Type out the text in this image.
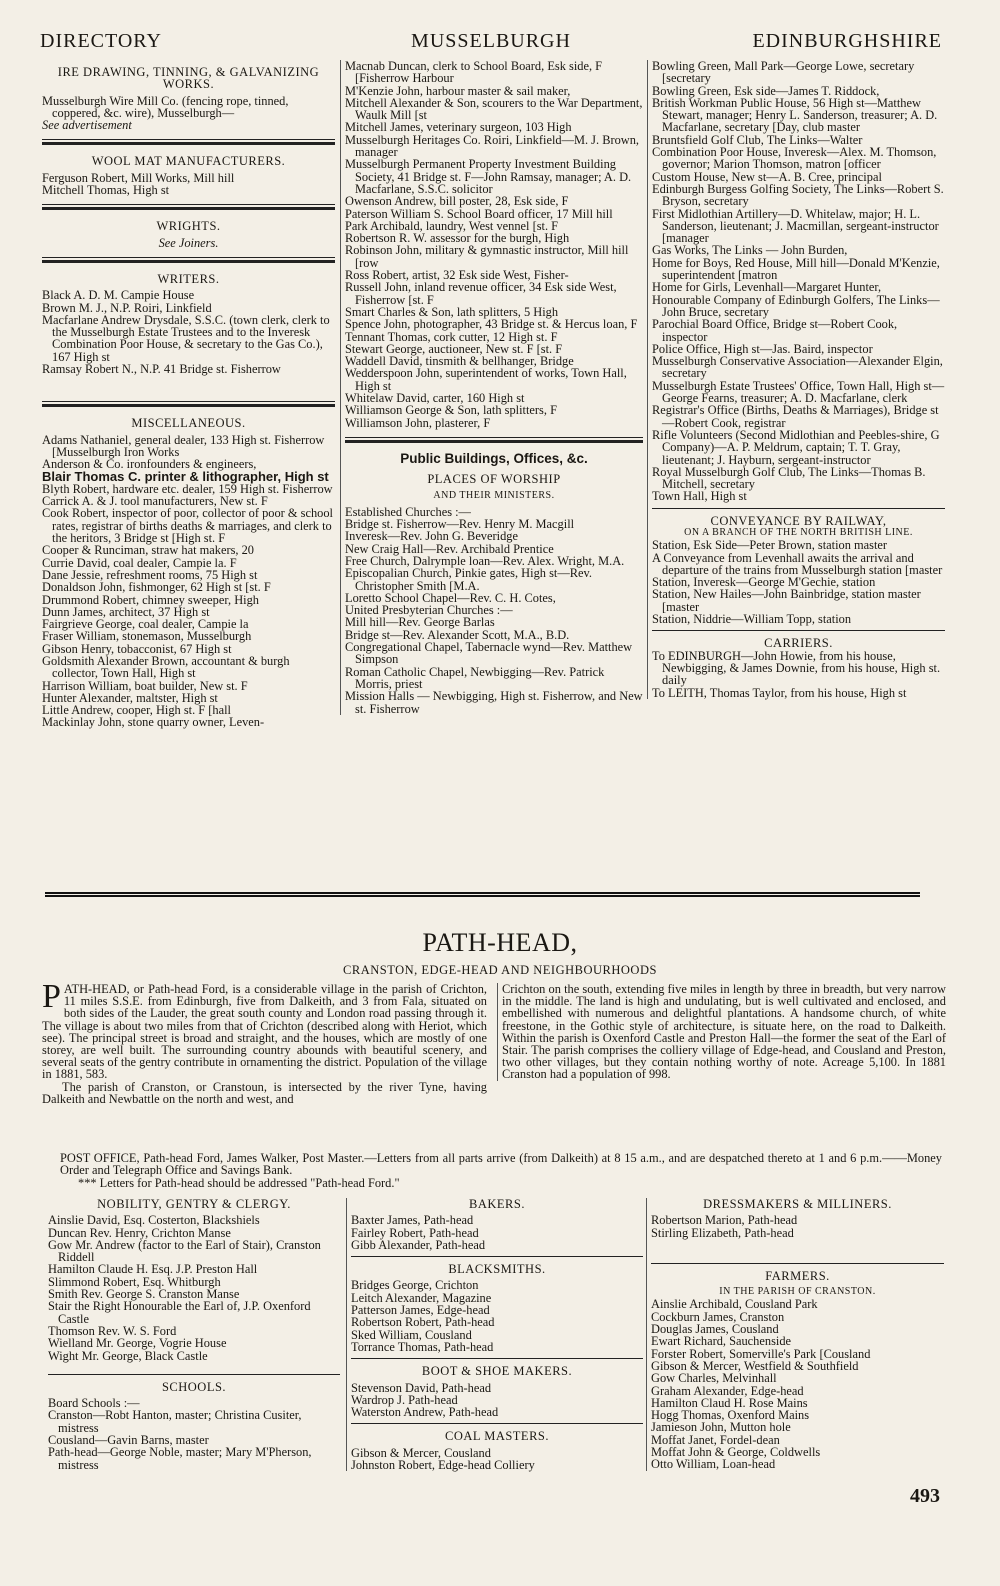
DIRECTORY	MUSSELBURGH	EDINBURGHSHIRE
IRE DRAWING, TINNING, & GALVANIZING WORKS.
Musselburgh Wire Mill Co. (fencing rope, tinned, coppered, &c. wire), Musselburgh—
See advertisement
WOOL MAT MANUFACTURERS.
Ferguson Robert, Mill Works, Mill hill
Mitchell Thomas, High st
WRIGHTS.
See Joiners.
WRITERS.
Black A. D. M. Campie House
Brown M. J., N.P. Roiri, Linkfield
Macfarlane Andrew Drysdale, S.S.C. (town clerk, clerk to the Musselburgh Estate Trustees and to the Inveresk Combination Poor House, & secretary to the Gas Co.), 167 High st
Ramsay Robert N., N.P. 41 Bridge st. Fisherrow
MISCELLANEOUS.
Adams Nathaniel, general dealer, 133 High st. Fisherrow [Musselburgh Iron Works
Anderson & Co. ironfounders & engineers,
Blair Thomas C. printer & lithographer, High st
Blyth Robert, hardware etc. dealer, 159 High st. Fisherrow
Carrick A. & J. tool manufacturers, New st. F
Cook Robert, inspector of poor, collector of poor & school rates, registrar of births deaths & marriages, and clerk to the heritors, 3 Bridge st [High st. F
Cooper & Runciman, straw hat makers, 20
Currie David, coal dealer, Campie la. F
Dane Jessie, refreshment rooms, 75 High st
Donaldson John, fishmonger, 62 High st [st. F
Drummond Robert, chimney sweeper, High
Dunn James, architect, 37 High st
Fairgrieve George, coal dealer, Campie la
Fraser William, stonemason, Musselburgh
Gibson Henry, tobacconist, 67 High st
Goldsmith Alexander Brown, accountant & burgh collector, Town Hall, High st
Harrison William, boat builder, New st. F
Hunter Alexander, maltster, High st
Little Andrew, cooper, High st. F [hall
Mackinlay John, stone quarry owner, Leven-
Macnab Duncan, clerk to School Board, Esk side, F [Fisherrow Harbour
M'Kenzie John, harbour master & sail maker,
Mitchell Alexander & Son, scourers to the War Department, Waulk Mill [st
Mitchell James, veterinary surgeon, 103 High
Musselburgh Heritages Co. Roiri, Linkfield—M. J. Brown, manager
Musselburgh Permanent Property Investment Building Society, 41 Bridge st. F—John Ramsay, manager; A. D. Macfarlane, S.S.C. solicitor
Owenson Andrew, bill poster, 28, Esk side, F
Paterson William S. School Board officer, 17 Mill hill
Park Archibald, laundry, West vennel [st. F
Robertson R. W. assessor for the burgh, High
Robinson John, military & gymnastic instructor, Mill hill [row
Ross Robert, artist, 32 Esk side West, Fisher-
Russell John, inland revenue officer, 34 Esk side West, Fisherrow [st. F
Smart Charles & Son, lath splitters, 5 High
Spence John, photographer, 43 Bridge st. & Hercus loan, F
Tennant Thomas, cork cutter, 12 High st. F
Stewart George, auctioneer, New st. F [st. F
Waddell David, tinsmith & bellhanger, Bridge
Wedderspoon John, superintendent of works, Town Hall, High st
Whitelaw David, carter, 160 High st
Williamson George & Son, lath splitters, F
Williamson John, plasterer, F
Public Buildings, Offices, &c.
PLACES OF WORSHIP
AND THEIR MINISTERS.
Established Churches :—
Bridge st. Fisherrow—Rev. Henry M. Macgill
Inveresk—Rev. John G. Beveridge
New Craig Hall—Rev. Archibald Prentice
Free Church, Dalrymple loan—Rev. Alex. Wright, M.A.
Episcopalian Church, Pinkie gates, High st—Rev. Christopher Smith [M.A.
Loretto School Chapel—Rev. C. H. Cotes,
United Presbyterian Churches :—
Mill hill—Rev. George Barlas
Bridge st—Rev. Alexander Scott, M.A., B.D.
Congregational Chapel, Tabernacle wynd—Rev. Matthew Simpson
Roman Catholic Chapel, Newbigging—Rev. Patrick Morris, priest
Mission Halls — Newbigging, High st. Fisherrow, and New st. Fisherrow
Bowling Green, Mall Park—George Lowe, secretary [secretary
Bowling Green, Esk side—James T. Riddock,
British Workman Public House, 56 High st—Matthew Stewart, manager; Henry L. Sanderson, treasurer; A. D. Macfarlane, secretary [Day, club master
Bruntsfield Golf Club, The Links—Walter
Combination Poor House, Inveresk—Alex. M. Thomson, governor; Marion Thomson, matron [officer
Custom House, New st—A. B. Cree, principal
Edinburgh Burgess Golfing Society, The Links—Robert S. Bryson, secretary
First Midlothian Artillery—D. Whitelaw, major; H. L. Sanderson, lieutenant; J. Macmillan, sergeant-instructor [manager
Gas Works, The Links — John Burden,
Home for Boys, Red House, Mill hill—Donald M'Kenzie, superintendent [matron
Home for Girls, Levenhall—Margaret Hunter,
Honourable Company of Edinburgh Golfers, The Links—John Bruce, secretary
Parochial Board Office, Bridge st—Robert Cook, inspector
Police Office, High st—Jas. Baird, inspector
Musselburgh Conservative Association—Alexander Elgin, secretary
Musselburgh Estate Trustees' Office, Town Hall, High st—George Fearns, treasurer; A. D. Macfarlane, clerk
Registrar's Office (Births, Deaths & Marriages), Bridge st—Robert Cook, registrar
Rifle Volunteers (Second Midlothian and Peebles-shire, G Company)—A. P. Meldrum, captain; T. T. Gray, lieutenant; J. Hayburn, sergeant-instructor
Royal Musselburgh Golf Club, The Links—Thomas B. Mitchell, secretary
Town Hall, High st
CONVEYANCE BY RAILWAY,
ON A BRANCH OF THE NORTH BRITISH LINE.
Station, Esk Side—Peter Brown, station master
A Conveyance from Levenhall awaits the arrival and departure of the trains from Musselburgh station [master
Station, Inveresk—George M'Gechie, station
Station, New Hailes—John Bainbridge, station master [master
Station, Niddrie—William Topp, station
CARRIERS.
To EDINBURGH—John Howie, from his house, Newbigging, & James Downie, from his house, High st. daily
To LEITH, Thomas Taylor, from his house, High st
PATH-HEAD,
CRANSTON, EDGE-HEAD AND NEIGHBOURHOODS
P ATH-HEAD, or Path-head Ford, is a considerable village in the parish of Crichton, 11 miles S.S.E. from Edinburgh, five from Dalkeith, and 3 from Fala, situated on both sides of the Lauder, the great south county and London road passing through it. The village is about two miles from that of Crichton (described along with Heriot, which see). The principal street is broad and straight, and the houses, which are mostly of one storey, are well built. The surrounding country abounds with beautiful scenery, and several seats of the gentry contribute in ornamenting the district. Population of the village in 1881, 583.
The parish of Cranston, or Cranstoun, is intersected by the river Tyne, having Dalkeith and Newbattle on the north and west, and
Crichton on the south, extending five miles in length by three in breadth, but very narrow in the middle. The land is high and undulating, but is well cultivated and enclosed, and embellished with numerous and delightful plantations. A handsome church, of white freestone, in the Gothic style of architecture, is situate here, on the road to Dalkeith. Within the parish is Oxenford Castle and Preston Hall—the former the seat of the Earl of Stair. The parish comprises the colliery village of Edge-head, and Cousland and Preston, two other villages, but they contain nothing worthy of note. Acreage 5,100. In 1881 Cranston had a population of 998.
POST OFFICE, Path-head Ford, James Walker, Post Master.—Letters from all parts arrive (from Dalkeith) at 8 15 a.m., and are despatched thereto at 1 and 6 p.m.——Money Order and Telegraph Office and Savings Bank.
*** Letters for Path-head should be addressed "Path-head Ford."
NOBILITY, GENTRY & CLERGY.
Ainslie David, Esq. Costerton, Blackshiels
Duncan Rev. Henry, Crichton Manse
Gow Mr. Andrew (factor to the Earl of Stair), Cranston Riddell
Hamilton Claude H. Esq. J.P. Preston Hall
Slimmond Robert, Esq. Whitburgh
Smith Rev. George S. Cranston Manse
Stair the Right Honourable the Earl of, J.P. Oxenford Castle
Thomson Rev. W. S. Ford
Wielland Mr. George, Vogrie House
Wight Mr. George, Black Castle
SCHOOLS.
Board Schools :—
Cranston—Robt Hanton, master; Christina Cusiter, mistress
Cousland—Gavin Barns, master
Path-head—George Noble, master; Mary M'Pherson, mistress
BAKERS.
Baxter James, Path-head
Fairley Robert, Path-head
Gibb Alexander, Path-head
BLACKSMITHS.
Bridges George, Crichton
Leitch Alexander, Magazine
Patterson James, Edge-head
Robertson Robert, Path-head
Sked William, Cousland
Torrance Thomas, Path-head
BOOT & SHOE MAKERS.
Stevenson David, Path-head
Wardrop J. Path-head
Waterston Andrew, Path-head
COAL MASTERS.
Gibson & Mercer, Cousland
Johnston Robert, Edge-head Colliery
DRESSMAKERS & MILLINERS.
Robertson Marion, Path-head
Stirling Elizabeth, Path-head
FARMERS.
IN THE PARISH OF CRANSTON.
Ainslie Archibald, Cousland Park
Cockburn James, Cranston
Douglas James, Cousland
Ewart Richard, Sauchenside
Forster Robert, Somerville's Park [Cousland
Gibson & Mercer, Westfield & Southfield
Gow Charles, Melvinhall
Graham Alexander, Edge-head
Hamilton Claud H. Rose Mains
Hogg Thomas, Oxenford Mains
Jamieson John, Mutton hole
Moffat Janet, Fordel-dean
Moffat John & George, Coldwells
Otto William, Loan-head
493
